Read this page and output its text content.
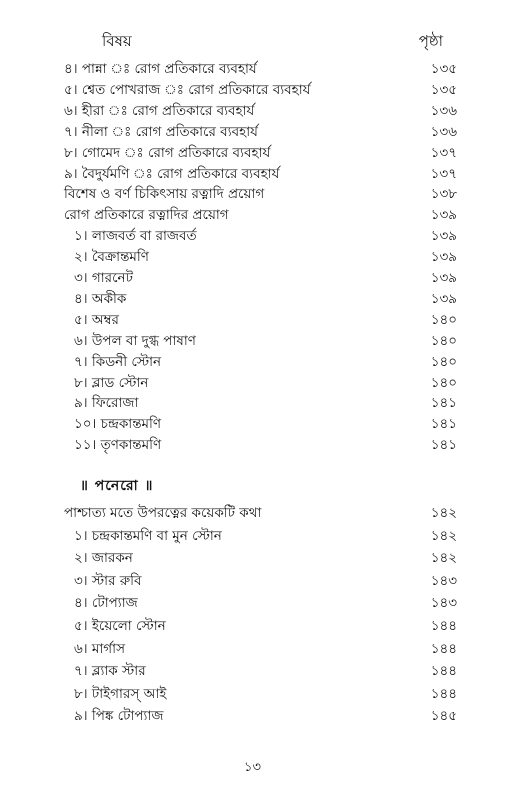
বিষয়	পৃষ্ঠা
৪। পান্না ঃ রোগ প্রতিকারে ব্যবহার্য	১৩৫
৫। শ্বেত পোখরাজ ঃ রোগ প্রতিকারে ব্যবহার্য	১৩৫
৬। হীরা ঃ রোগ প্রতিকারে ব্যবহার্য	১৩৬
৭। নীলা ঃ রোগ প্রতিকারে ব্যবহার্য	১৩৬
৮। গোমেদ ঃ রোগ প্রতিকারে ব্যবহার্য	১৩৭
৯। বৈদুর্যমণি ঃ রোগ প্রতিকারে ব্যবহার্য	১৩৭
বিশেষ ও বর্ণ চিকিৎসায় রত্নাদি প্রয়োগ	১৩৮
রোগ প্রতিকারে রত্নাদির প্রয়োগ	১৩৯
১। লাজবর্ত বা রাজবর্ত	১৩৯
২। বৈক্রান্তমণি	১৩৯
৩। গারনেট	১৩৯
৪। অকীক	১৩৯
৫। অম্বর	১৪০
৬। উপল বা দুগ্ধ পাষাণ	১৪০
৭। কিডনী স্টোন	১৪০
৮। ব্লাড স্টোন	১৪০
৯। ফিরোজা	১৪১
১০। চন্দ্রকান্তমণি	১৪১
১১। তৃণকান্তমণি	১৪১
॥ পনেরো ॥
পাশ্চাত্য মতে উপরত্নের কয়েকটি কথা	১৪২
১। চন্দ্রকান্তমণি বা মুন স্টোন	১৪২
২। জারকন	১৪২
৩। স্টার রুবি	১৪৩
৪। টোপ্যাজ	১৪৩
৫। ইয়েলো স্টোন	১৪৪
৬। মার্গাস	১৪৪
৭। ব্ল্যাক স্টার	১৪৪
৮। টাইগারস্‌ আই	১৪৪
৯। পিঙ্ক টোপ্যাজ	১৪৫
১৩
